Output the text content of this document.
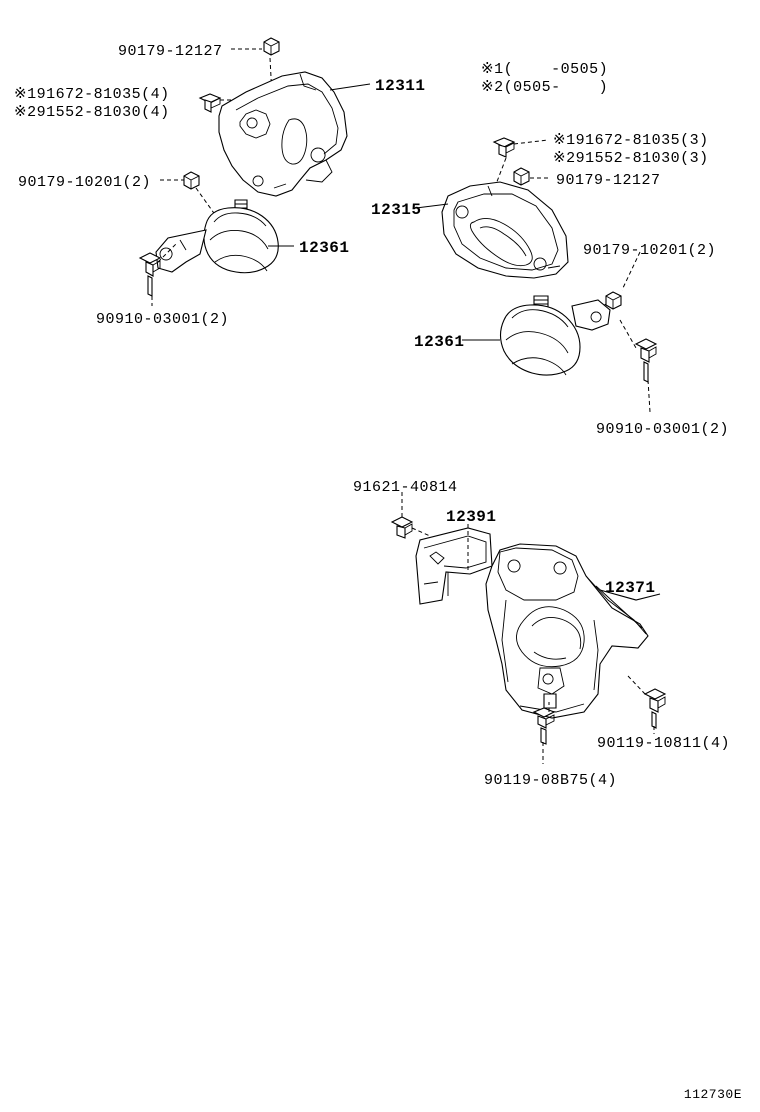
90179-12127
12311
※191672-81035(4)
※291552-81030(4)
90179-10201(2)
12361
90910-03001(2)
※1(    -0505)
※2(0505-    )
※191672-81035(3)
※291552-81030(3)
90179-12127
12315
90179-10201(2)
12361
90910-03001(2)
91621-40814
12391
12371
90119-10811(4)
90119-08B75(4)
112730E
